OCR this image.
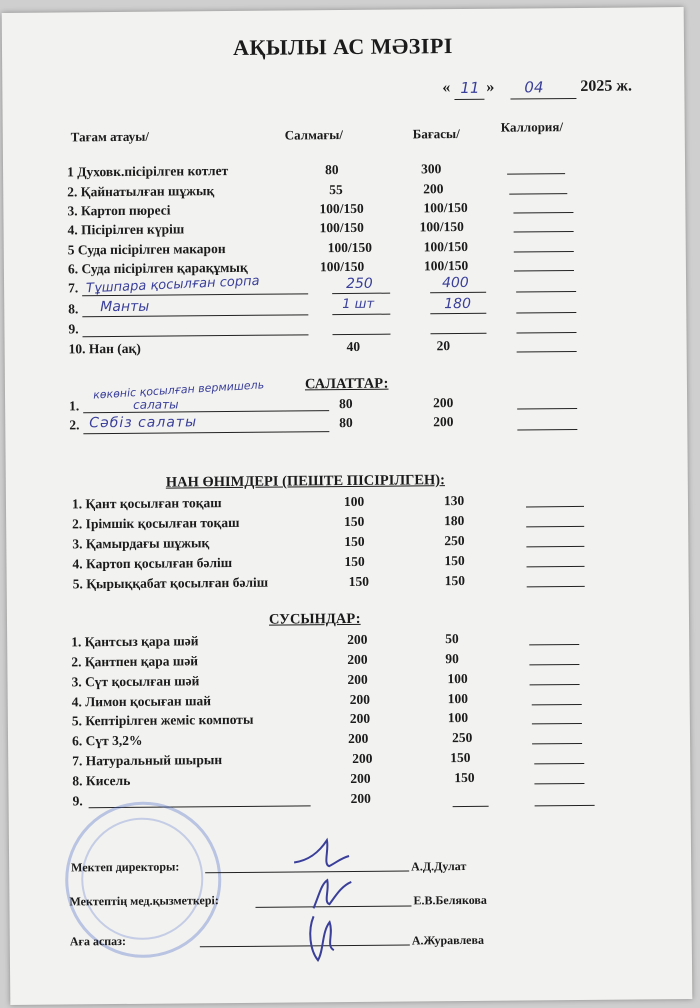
АҚЫЛЫ АС МӘЗІРІ
« 11 » 04 2025 ж.
Тағам атауы/	Салмағы/	Бағасы/	Каллория/
1 Духовк.пісірілген котлет	80	300
2. Қайнатылған шұжық	55	200
3. Картоп пюресі	100/150	100/150
4. Пісірілген күріш	100/150	100/150
5 Суда пісірілген макарон	100/150	100/150
6. Суда пісірілген қарақұмық	100/150	100/150
7. Тұшпара қосылған сорпа	250	400
8. Манты	1 шт	180
9.
10. Нан (ақ)	40	20
САЛАТТАР:
1.
көкөніс қосылған вермишель
салаты	80	200
2. Сәбіз салаты	80	200
НАН ӨНІМДЕРІ (ПЕШТЕ ПІСІРІЛГЕН):
1. Қант қосылған тоқаш	100	130
2. Ірімшік қосылған тоқаш	150	180
3. Қамырдағы шұжық	150	250
4. Картоп қосылған бәліш	150	150
5. Қырыққабат қосылған бәліш	150	150
СУСЫНДАР:
1. Қантсыз қара шәй	200	50
2. Қантпен қара шәй	200	90
3. Сүт қосылған шәй	200	100
4. Лимон қосыған шай	200	100
5. Кептірілген жеміс компоты	200	100
6. Сүт 3,2%	200	250
7. Натуральный шырын	200	150
8. Кисель	200	150
9.	200
Мектеп директоры:	А.Д.Дулат
Мектептің мед.қызметкері:	Е.В.Белякова
Аға аспаз:	А.Журавлева
